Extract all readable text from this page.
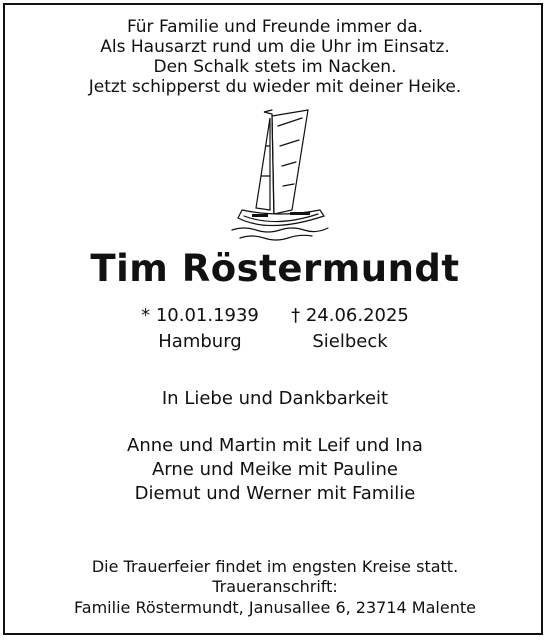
Für Familie und Freunde immer da.
Als Hausarzt rund um die Uhr im Einsatz.
Den Schalk stets im Nacken.
Jetzt schipperst du wieder mit deiner Heike.
Tim Röstermundt
* 10.01.1939	† 24.06.2025
Hamburg	Sielbeck
In Liebe und Dankbarkeit
Anne und Martin mit Leif und Ina
Arne und Meike mit Pauline
Diemut und Werner mit Familie
Die Trauerfeier findet im engsten Kreise statt.
Traueranschrift:
Familie Röstermundt, Janusallee 6, 23714 Malente
